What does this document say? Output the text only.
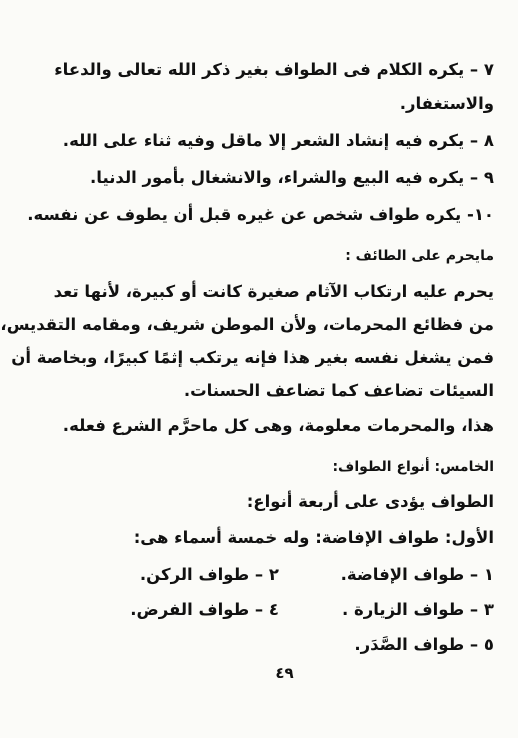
٧ – يكره الكلام فى الطواف بغير ذكر الله تعالى والدعاء
والاستغفار.
٨ – يكره فيه إنشاد الشعر إلا ماقل وفيه ثناء على الله.
٩ – يكره فيه البيع والشراء، والانشغال بأمور الدنيا.
١٠- يكره طواف شخص عن غيره قبل أن يطوف عن نفسه.
مايحرم على الطائف :
يحرم عليه ارتكاب الآثام صغيرة كانت أو كبيرة، لأنها تعد
من فظائع المحرمات، ولأن الموطن شريف، ومقامه التقديس،
فمن يشغل نفسه بغير هذا فإنه يرتكب إثمًا كبيرًا، وبخاصة أن
السيئات تضاعف كما تضاعف الحسنات.
هذا، والمحرمات معلومة، وهى كل ماحرَّم الشرع فعله.
الخامس: أنواع الطواف:
الطواف يؤدى على أربعة أنواع:
الأول: طواف الإفاضة: وله خمسة أسماء هى:
١ – طواف الإفاضة.
٢ – طواف الركن.
٣ – طواف الزيارة .
٤ – طواف الفرض.
٥ – طواف الصَّدَر.
٤٩
